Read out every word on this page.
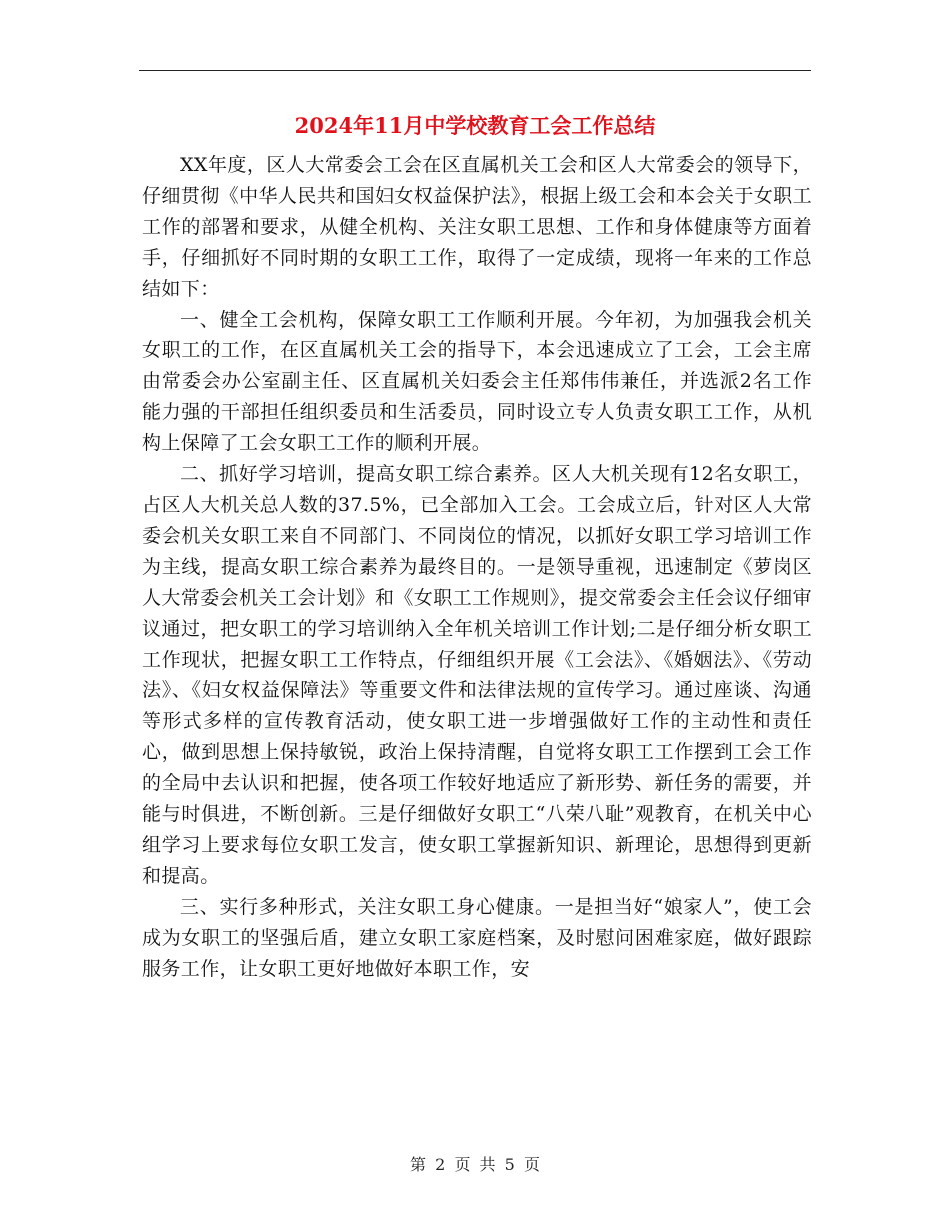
2024年11月中学校教育工会工作总结

XX年度，区人大常委会工会在区直属机关工会和区人大常委会的领导下，仔细贯彻《中华人民共和国妇女权益保护法》，根据上级工会和本会关于女职工工作的部署和要求，从健全机构、关注女职工思想、工作和身体健康等方面着手，仔细抓好不同时期的女职工工作，取得了一定成绩，现将一年来的工作总结如下：

一、健全工会机构，保障女职工工作顺利开展。今年初，为加强我会机关女职工的工作，在区直属机关工会的指导下，本会迅速成立了工会，工会主席由常委会办公室副主任、区直属机关妇委会主任郑伟伟兼任，并选派2名工作能力强的干部担任组织委员和生活委员，同时设立专人负责女职工工作，从机构上保障了工会女职工工作的顺利开展。

二、抓好学习培训，提高女职工综合素养。区人大机关现有12名女职工，占区人大机关总人数的37.5%，已全部加入工会。工会成立后，针对区人大常委会机关女职工来自不同部门、不同岗位的情况，以抓好女职工学习培训工作为主线，提高女职工综合素养为最终目的。一是领导重视，迅速制定《萝岗区人大常委会机关工会计划》和《女职工工作规则》，提交常委会主任会议仔细审议通过，把女职工的学习培训纳入全年机关培训工作计划;二是仔细分析女职工工作现状，把握女职工工作特点，仔细组织开展《工会法》、《婚姻法》、《劳动法》、《妇女权益保障法》等重要文件和法律法规的宣传学习。通过座谈、沟通等形式多样的宣传教育活动，使女职工进一步增强做好工作的主动性和责任心，做到思想上保持敏锐，政治上保持清醒，自觉将女职工工作摆到工会工作的全局中去认识和把握，使各项工作较好地适应了新形势、新任务的需要，并能与时俱进，不断创新。三是仔细做好女职工“八荣八耻”观教育，在机关中心组学习上要求每位女职工发言，使女职工掌握新知识、新理论，思想得到更新和提高。

三、实行多种形式，关注女职工身心健康。一是担当好“娘家人”，使工会成为女职工的坚强后盾，建立女职工家庭档案，及时慰问困难家庭，做好跟踪服务工作，让女职工更好地做好本职工作，安

第 2 页 共 5 页
